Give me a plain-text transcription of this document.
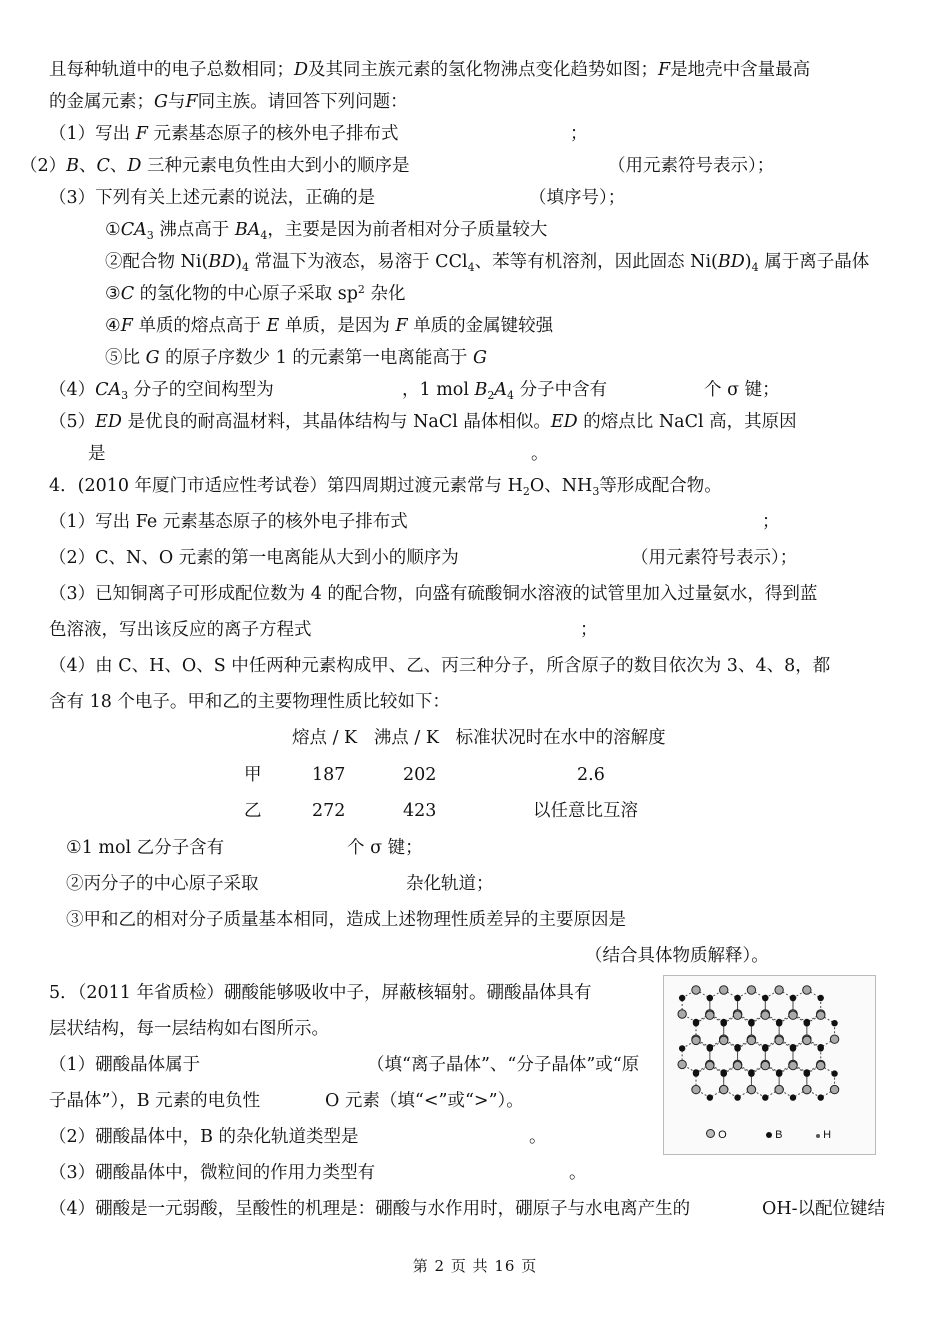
且每种轨道中的电子总数相同；D及其同主族元素的氢化物沸点变化趋势如图；F是地壳中含量最高
的金属元素；G与F同主族。请回答下列问题：
（1）写出 F 元素基态原子的核外电子排布式	；
（2）B、C、D 三种元素电负性由大到小的顺序是	（用元素符号表示）；
（3）下列有关上述元素的说法，正确的是	（填序号）；
$①CA_3$ 沸点高于 $BA_4$，主要是因为前者相对分子质量较大
②配合物 $Ni(BD)_4$ 常温下为液态，易溶于 CCl$_4$、苯等有机溶剂，因此固态 $Ni(BD)_4$ 属于离子晶体
③C 的氢化物的中心原子采取 $sp^2$ 杂化
④F 单质的熔点高于 E 单质，是因为 F 单质的金属键较强
⑤比 G 的原子序数少 1 的元素第一电离能高于 G
$(4)CA_3$ 分子的空间构型为	，1 mol $B_2A_4$ 分子中含有	个 σ 键；
（5）ED 是优良的耐高温材料，其晶体结构与 NaCl 晶体相似。ED 的熔点比 NaCl 高，其原因
是	。
4．(2010 年厦门市适应性考试卷）第四周期过渡元素常与 $H_2O$、$NH_3$等形成配合物。
（1）写出 Fe 元素基态原子的核外电子排布式	；
（2）C、N、O 元素的第一电离能从大到小的顺序为	（用元素符号表示）；
（3）已知铜离子可形成配位数为 4 的配合物，向盛有硫酸铜水溶液的试管里加入过量氨水，得到蓝
色溶液，写出该反应的离子方程式	；
（4）由 C、H、O、S 中任两种元素构成甲、乙、丙三种分子，所含原子的数目依次为 3、4、8，都
含有 18 个电子。甲和乙的主要物理性质比较如下：
熔点 / K 沸点 / K 标准状况时在水中的溶解度
甲	187	202	2.6
乙	272	423	以任意比互溶
①1 mol 乙分子含有	个 σ 键；
②丙分子的中心原子采取	杂化轨道；
③甲和乙的相对分子质量基本相同，造成上述物理性质差异的主要原因是
（结合具体物质解释）。
5．（2011 年省质检）硼酸能够吸收中子，屏蔽核辐射。硼酸晶体具有
层状结构，每一层结构如右图所示。
（1）硼酸晶体属于	（填“离子晶体”、“分子晶体”或“原
子晶体”），B 元素的电负性	O 元素（填“<”或“>”）。
（2）硼酸晶体中，B 的杂化轨道类型是	。
（3）硼酸晶体中，微粒间的作用力类型有	。
（4）硼酸是一元弱酸，呈酸性的机理是：硼酸与水作用时，硼原子与水电离产生的	OH-以配位键结
O	B	H
第 2 页 共 16 页
